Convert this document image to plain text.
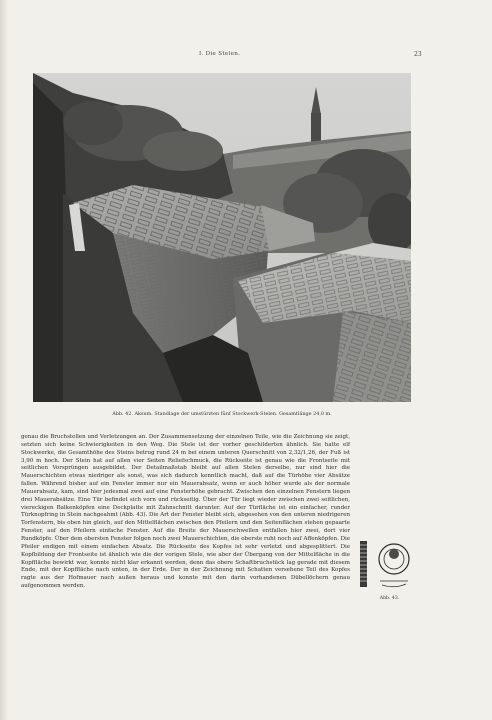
I. Die Stelen.	23
Abb. 42. Aksum. Standlage der umstürzten fünf Stockwerk-Stelen. Gesamtlänge 24,0 m.
Abb. 43.

genau die Bruchstellen und Verletzungen an. Der Zusammensetzung der einzelnen Teile, wie die Zeichnung sie zeigt, setzten sich keine Schwierigkeiten in den Weg. Die Stele ist der vorher geschilderten ähnlich. Sie hatte elf Stockwerke, die Gesamthöhe des Steins betrug rund 24 m bei einem unteren Querschnitt von 2,32/1,26, der Fuß ist 3,90 m hoch. Der Stein hat auf allen vier Seiten Reliefschmuck, die Rückseite ist genau wie die Frontseite mit seitlichen Vorsprüngen ausgebildet. Der Detailmaßstab bleibt auf allen Stelen derselbe, nur sind hier die Mauerschichten etwas niedriger als sonst, was sich dadurch kenntlich macht, daß auf die Türhöhe vier Absätze fallen. Während bisher auf ein Fenster immer nur ein Mauerabsatz, wenn er auch höher wurde als der normale Mauerabsatz, kam, sind hier jedesmal zwei auf eine Fensterhöhe gebracht. Zwischen den einzelnen Fenstern liegen drei Mauerabsätze. Eine Tür befindet sich vorn und rückseitig. Über der Tür liegt wieder zwischen zwei seitlichen, viereckigen Balkenköpfen eine Deckplatte mit Zahnschnitt darunter. Auf der Türfläche ist ein einfacher, runder Türknopfring in Stein nachgeahmt (Abb. 43). Die Art der Fenster bleibt sich, abgesehen von den unteren niedrigeren Torfenstern, bis oben hin gleich, auf den Mittelflächen zwischen den Pfeilern und den Seitenflächen stehen gepaarte Fenster, auf den Pfeilern einfache Fenster. Auf die Breite der Mauerschwellen entfallen hier zwei, dort vier Rundköpfe. Über dem obersten Fenster folgen noch zwei Mauerschichten, die oberste ruht noch auf Affenköpfen. Die Pfeiler endigen mit einem einfachen Absatz. Die Rückseite des Kopfes ist sehr verletzt und abgesplittert. Die Kopfbildung der Frontseite ist ähnlich wie die der vorigen Stele, wie aber der Übergang von der Mittelfläche in die Kopffläche bewirkt war, konnte nicht klar erkannt werden, denn das obere Schaftbruchstück lag gerade mit diesem Ende, mit der Kopffläche nach unten, in der Erde. Der in der Zeichnung mit Schatten versehene Teil des Kopfes ragte aus der Hofmauer nach außen heraus und konnte mit den darin vorhandenen Dübellöchern genau aufgenommen werden.
